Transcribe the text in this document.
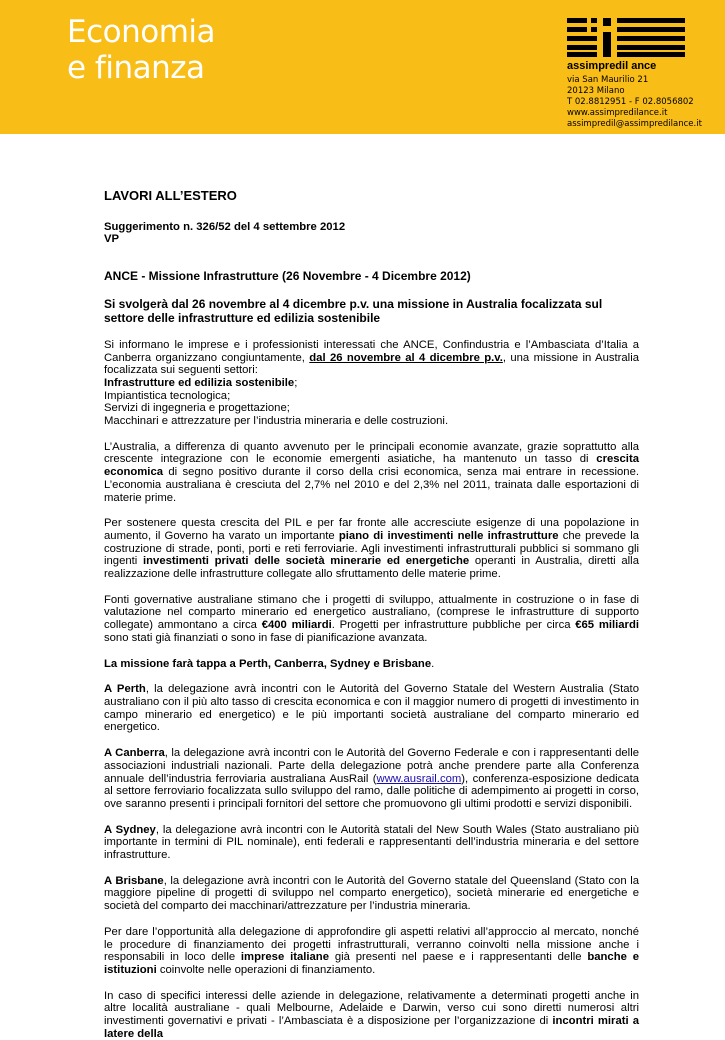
Economia
e finanza	assimpredil ance
via San Maurilio 21
20123 Milano
T 02.8812951 - F 02.8056802
www.assimpredilance.it
assimpredil@assimpredilance.it

LAVORI ALL’ESTERO

Suggerimento n. 326/52 del 4 settembre 2012
VP

ANCE - Missione Infrastrutture (26 Novembre - 4 Dicembre 2012)

Si svolgerà dal 26 novembre al 4 dicembre p.v. una missione in Australia focalizzata sul settore delle infrastrutture ed edilizia sostenibile

Si informano le imprese e i professionisti interessati che ANCE, Confindustria e l’Ambasciata d’Italia a Canberra organizzano congiuntamente, dal 26 novembre al 4 dicembre p.v., una missione in Australia focalizzata sui seguenti settori:

Infrastrutture ed edilizia sostenibile;

Impiantistica tecnologica;

Servizi di ingegneria e progettazione;

Macchinari e attrezzature per l’industria mineraria e delle costruzioni.

L’Australia, a differenza di quanto avvenuto per le principali economie avanzate, grazie soprattutto alla crescente integrazione con le economie emergenti asiatiche, ha mantenuto un tasso di crescita economica di segno positivo durante il corso della crisi economica, senza mai entrare in recessione. L’economia australiana è cresciuta del 2,7% nel 2010 e del 2,3% nel 2011, trainata dalle esportazioni di materie prime.

Per sostenere questa crescita del PIL e per far fronte alle accresciute esigenze di una popolazione in aumento, il Governo ha varato un importante piano di investimenti nelle infrastrutture che prevede la costruzione di strade, ponti, porti e reti ferroviarie. Agli investimenti infrastrutturali pubblici si sommano gli ingenti investimenti privati delle società minerarie ed energetiche operanti in Australia, diretti alla realizzazione delle infrastrutture collegate allo sfruttamento delle materie prime.

Fonti governative australiane stimano che i progetti di sviluppo, attualmente in costruzione o in fase di valutazione nel comparto minerario ed energetico australiano, (comprese le infrastrutture di supporto collegate) ammontano a circa €400 miliardi. Progetti per infrastrutture pubbliche per circa €65 miliardi sono stati già finanziati o sono in fase di pianificazione avanzata.

La missione farà tappa a Perth, Canberra, Sydney e Brisbane.

A Perth, la delegazione avrà incontri con le Autorità del Governo Statale del Western Australia (Stato australiano con il più alto tasso di crescita economica e con il maggior numero di progetti di investimento in campo minerario ed energetico) e le più importanti società australiane del comparto minerario ed energetico.

A Canberra, la delegazione avrà incontri con le Autorità del Governo Federale e con i rappresentanti delle associazioni industriali nazionali. Parte della delegazione potrà anche prendere parte alla Conferenza annuale dell’industria ferroviaria australiana AusRail (www.ausrail.com), conferenza-esposizione dedicata al settore ferroviario focalizzata sullo sviluppo del ramo, dalle politiche di adempimento ai progetti in corso, ove saranno presenti i principali fornitori del settore che promuovono gli ultimi prodotti e servizi disponibili.

A Sydney, la delegazione avrà incontri con le Autorità statali del New South Wales (Stato australiano più importante in termini di PIL nominale), enti federali e rappresentanti dell’industria mineraria e del settore infrastrutture.

A Brisbane, la delegazione avrà incontri con le Autorità del Governo statale del Queensland (Stato con la maggiore pipeline di progetti di sviluppo nel comparto energetico), società minerarie ed energetiche e società del comparto dei macchinari/attrezzature per l’industria mineraria.

Per dare l’opportunità alla delegazione di approfondire gli aspetti relativi all’approccio al mercato, nonché le procedure di finanziamento dei progetti infrastrutturali, verranno coinvolti nella missione anche i responsabili in loco delle imprese italiane già presenti nel paese e i rappresentanti delle banche e istituzioni coinvolte nelle operazioni di finanziamento.

In caso di specifici interessi delle aziende in delegazione, relativamente a determinati progetti anche in altre località australiane - quali Melbourne, Adelaide e Darwin, verso cui sono diretti numerosi altri investimenti governativi e privati - l’Ambasciata è a disposizione per l’organizzazione di incontri mirati a latere della
